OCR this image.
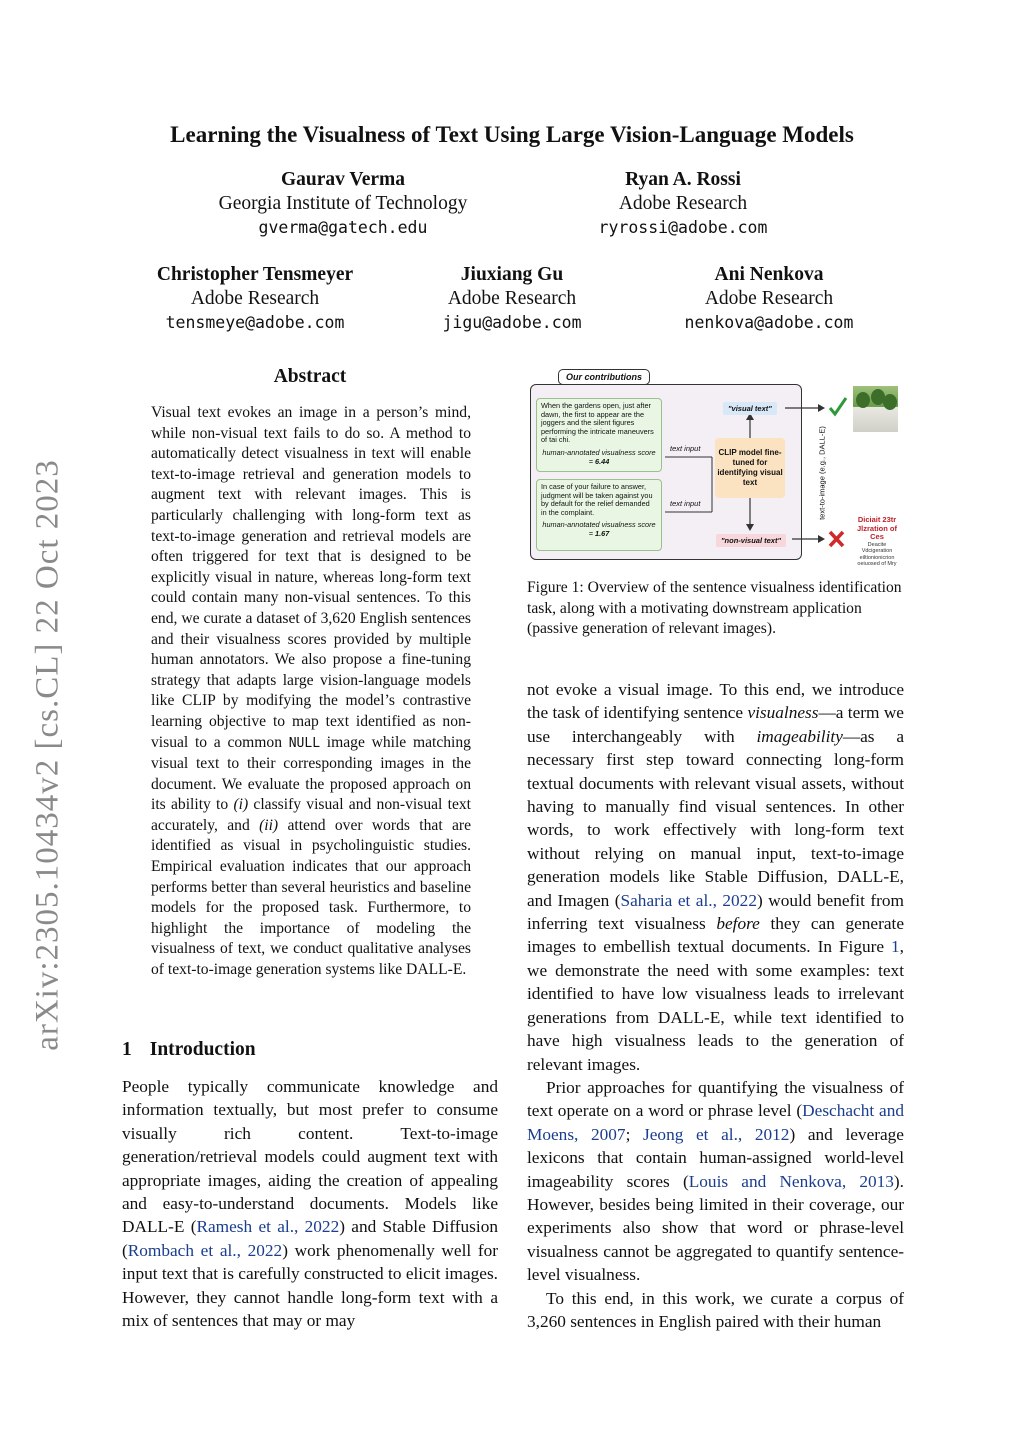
arXiv:2305.10434v2 [cs.CL] 22 Oct 2023
Learning the Visualness of Text Using Large Vision-Language Models
Gaurav Verma
Georgia Institute of Technology
gverma@gatech.edu
Ryan A. Rossi
Adobe Research
ryrossi@adobe.com
Christopher Tensmeyer
Adobe Research
tensmeye@adobe.com
Jiuxiang Gu
Adobe Research
jigu@adobe.com
Ani Nenkova
Adobe Research
nenkova@adobe.com
Abstract
Visual text evokes an image in a person’s mind, while non-visual text fails to do so. A method to automatically detect visualness in text will enable text-to-image retrieval and generation models to augment text with relevant images. This is particularly challenging with long-form text as text-to-image generation and retrieval models are often triggered for text that is designed to be explicitly visual in nature, whereas long-form text could contain many non-visual sentences. To this end, we curate a dataset of 3,620 English sentences and their visualness scores provided by multiple human annotators. We also propose a fine-tuning strategy that adapts large vision-language models like CLIP by modifying the model’s contrastive learning objective to map text identified as non-visual to a common NULL image while matching visual text to their corresponding images in the document. We evaluate the proposed approach on its ability to (i) classify visual and non-visual text accurately, and (ii) attend over words that are identified as visual in psycholinguistic studies. Empirical evaluation indicates that our approach performs better than several heuristics and baseline models for the proposed task. Furthermore, to highlight the importance of modeling the visualness of text, we conduct qualitative analyses of text-to-image generation systems like DALL-E.
1 Introduction

People typically communicate knowledge and information textually, but most prefer to consume visually rich content. Text-to-image generation/retrieval models could augment text with appropriate images, aiding the creation of appealing and easy-to-understand documents. Models like DALL-E (Ramesh et al., 2022) and Stable Diffusion (Rombach et al., 2022) work phenomenally well for input text that is carefully constructed to elicit images. However, they cannot handle long-form text with a mix of sentences that may or may

Our contributions
When the gardens open, just after dawn, the first to appear are the joggers and the silent figures performing the intricate maneuvers of tai chi.
human-annotated visualness score = 6.44
In case of your failure to answer, judgment will be taken against you by default for the relief demanded in the complaint.
human-annotated visualness score = 1.67
text input
text input
CLIP model fine-tuned for identifying visual text
"visual text"
"non-visual text"
text-to-image (e.g., DALL-E)	Diciait 23tr Jlzration of Ces
Deacite Vdcigeration eiltionionicrion oeiuosed of Mry
Figure 1: Overview of the sentence visualness identification task, along with a motivating downstream application (passive generation of relevant images).

not evoke a visual image. To this end, we introduce the task of identifying sentence visualness—a term we use interchangeably with imageability—as a necessary first step toward connecting long-form textual documents with relevant visual assets, without having to manually find visual sentences. In other words, to work effectively with long-form text without relying on manual input, text-to-image generation models like Stable Diffusion, DALL-E, and Imagen (Saharia et al., 2022) would benefit from inferring text visualness before they can generate images to embellish textual documents. In Figure 1, we demonstrate the need with some examples: text identified to have low visualness leads to irrelevant generations from DALL-E, while text identified to have high visualness leads to the generation of relevant images.

Prior approaches for quantifying the visualness of text operate on a word or phrase level (Deschacht and Moens, 2007; Jeong et al., 2012) and leverage lexicons that contain human-assigned world-level imageability scores (Louis and Nenkova, 2013). However, besides being limited in their coverage, our experiments also show that word or phrase-level visualness cannot be aggregated to quantify sentence-level visualness.

To this end, in this work, we curate a corpus of 3,260 sentences in English paired with their human
